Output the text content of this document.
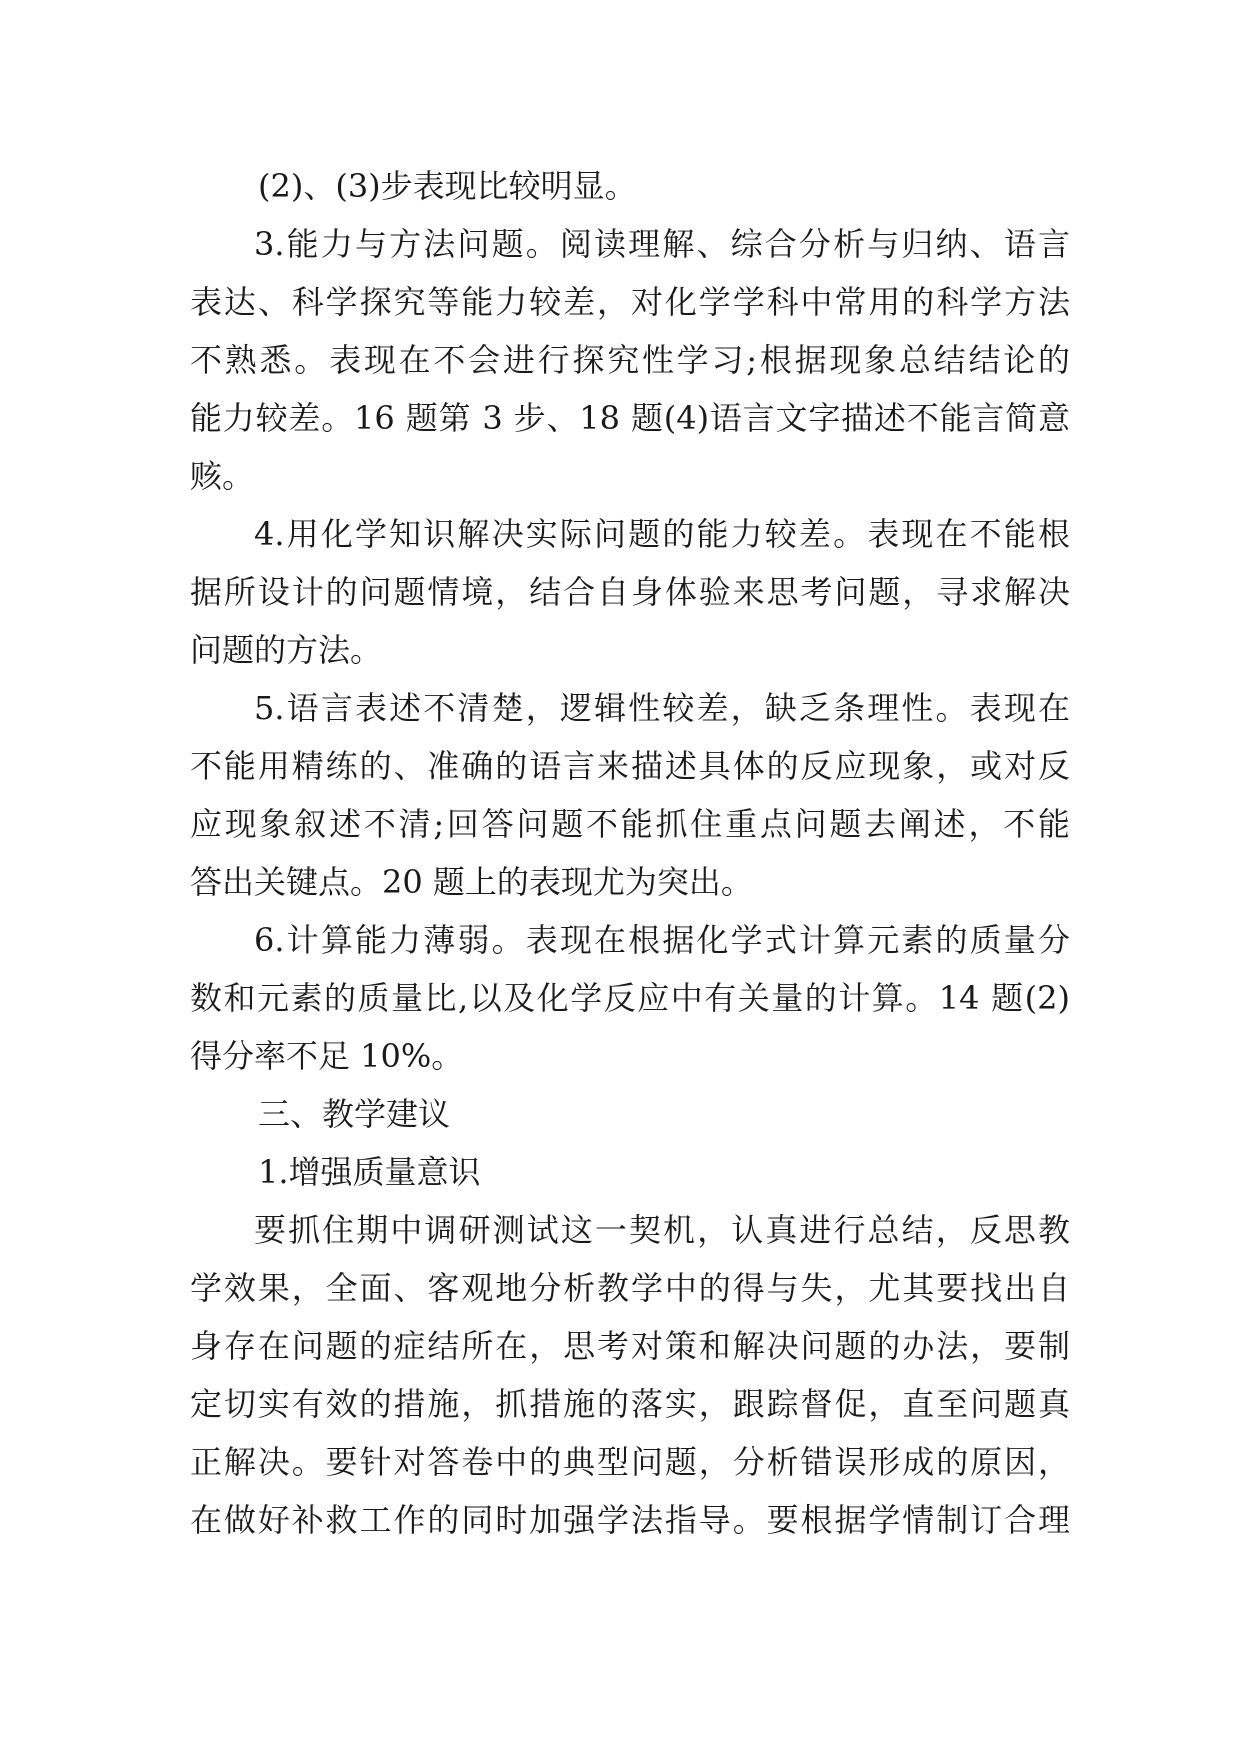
(2)、(3)步表现比较明显。
3.能力与方法问题。阅读理解、综合分析与归纳、语言
表达、科学探究等能力较差，对化学学科中常用的科学方法
不熟悉。表现在不会进行探究性学习;根据现象总结结论的
能力较差。16 题第 3 步、18 题(4)语言文字描述不能言简意
赅。
4.用化学知识解决实际问题的能力较差。表现在不能根
据所设计的问题情境，结合自身体验来思考问题，寻求解决
问题的方法。
5.语言表述不清楚，逻辑性较差，缺乏条理性。表现在
不能用精练的、准确的语言来描述具体的反应现象，或对反
应现象叙述不清;回答问题不能抓住重点问题去阐述，不能
答出关键点。20 题上的表现尤为突出。
6.计算能力薄弱。表现在根据化学式计算元素的质量分
数和元素的质量比,以及化学反应中有关量的计算。14 题(2)
得分率不足 10%。
三、教学建议
1.增强质量意识
要抓住期中调研测试这一契机，认真进行总结，反思教
学效果，全面、客观地分析教学中的得与失，尤其要找出自
身存在问题的症结所在，思考对策和解决问题的办法，要制
定切实有效的措施，抓措施的落实，跟踪督促，直至问题真
正解决。要针对答卷中的典型问题，分析错误形成的原因，
在做好补救工作的同时加强学法指导。要根据学情制订合理
